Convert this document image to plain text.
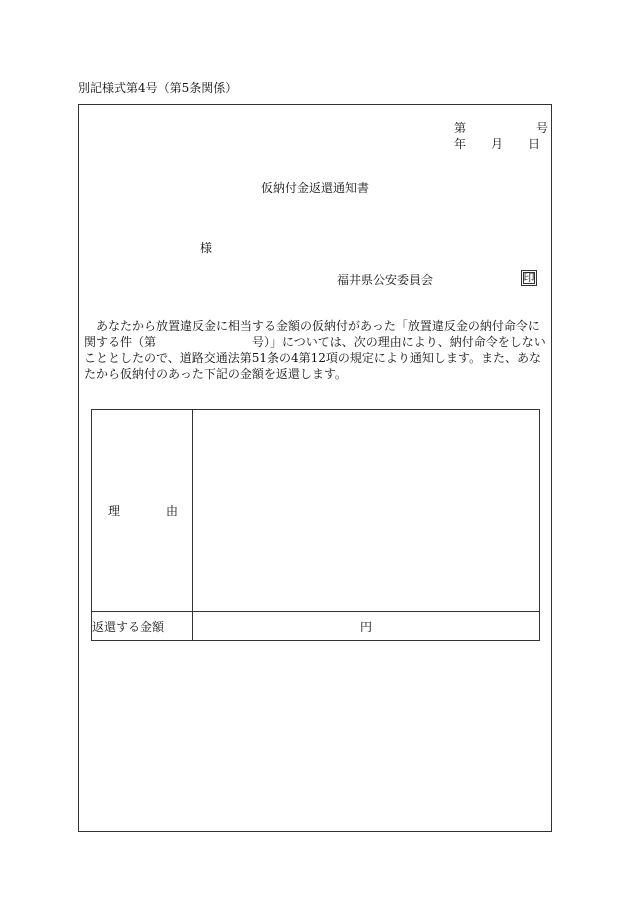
別記様式第4号（第5条関係）
第	号
年 月 日
仮納付金返還通知書
様
福井県公安委員会	印
あなたから放置違反金に相当する金額の仮納付があった「放置違反金の納付命令に関する件（第	号）」については、次の理由により、納付命令をしないこととしたので、道路交通法第51条の4第12項の規定により通知します。また、あなたから仮納付のあった下記の金額を返還します。
理 由	

返還する金額	円
